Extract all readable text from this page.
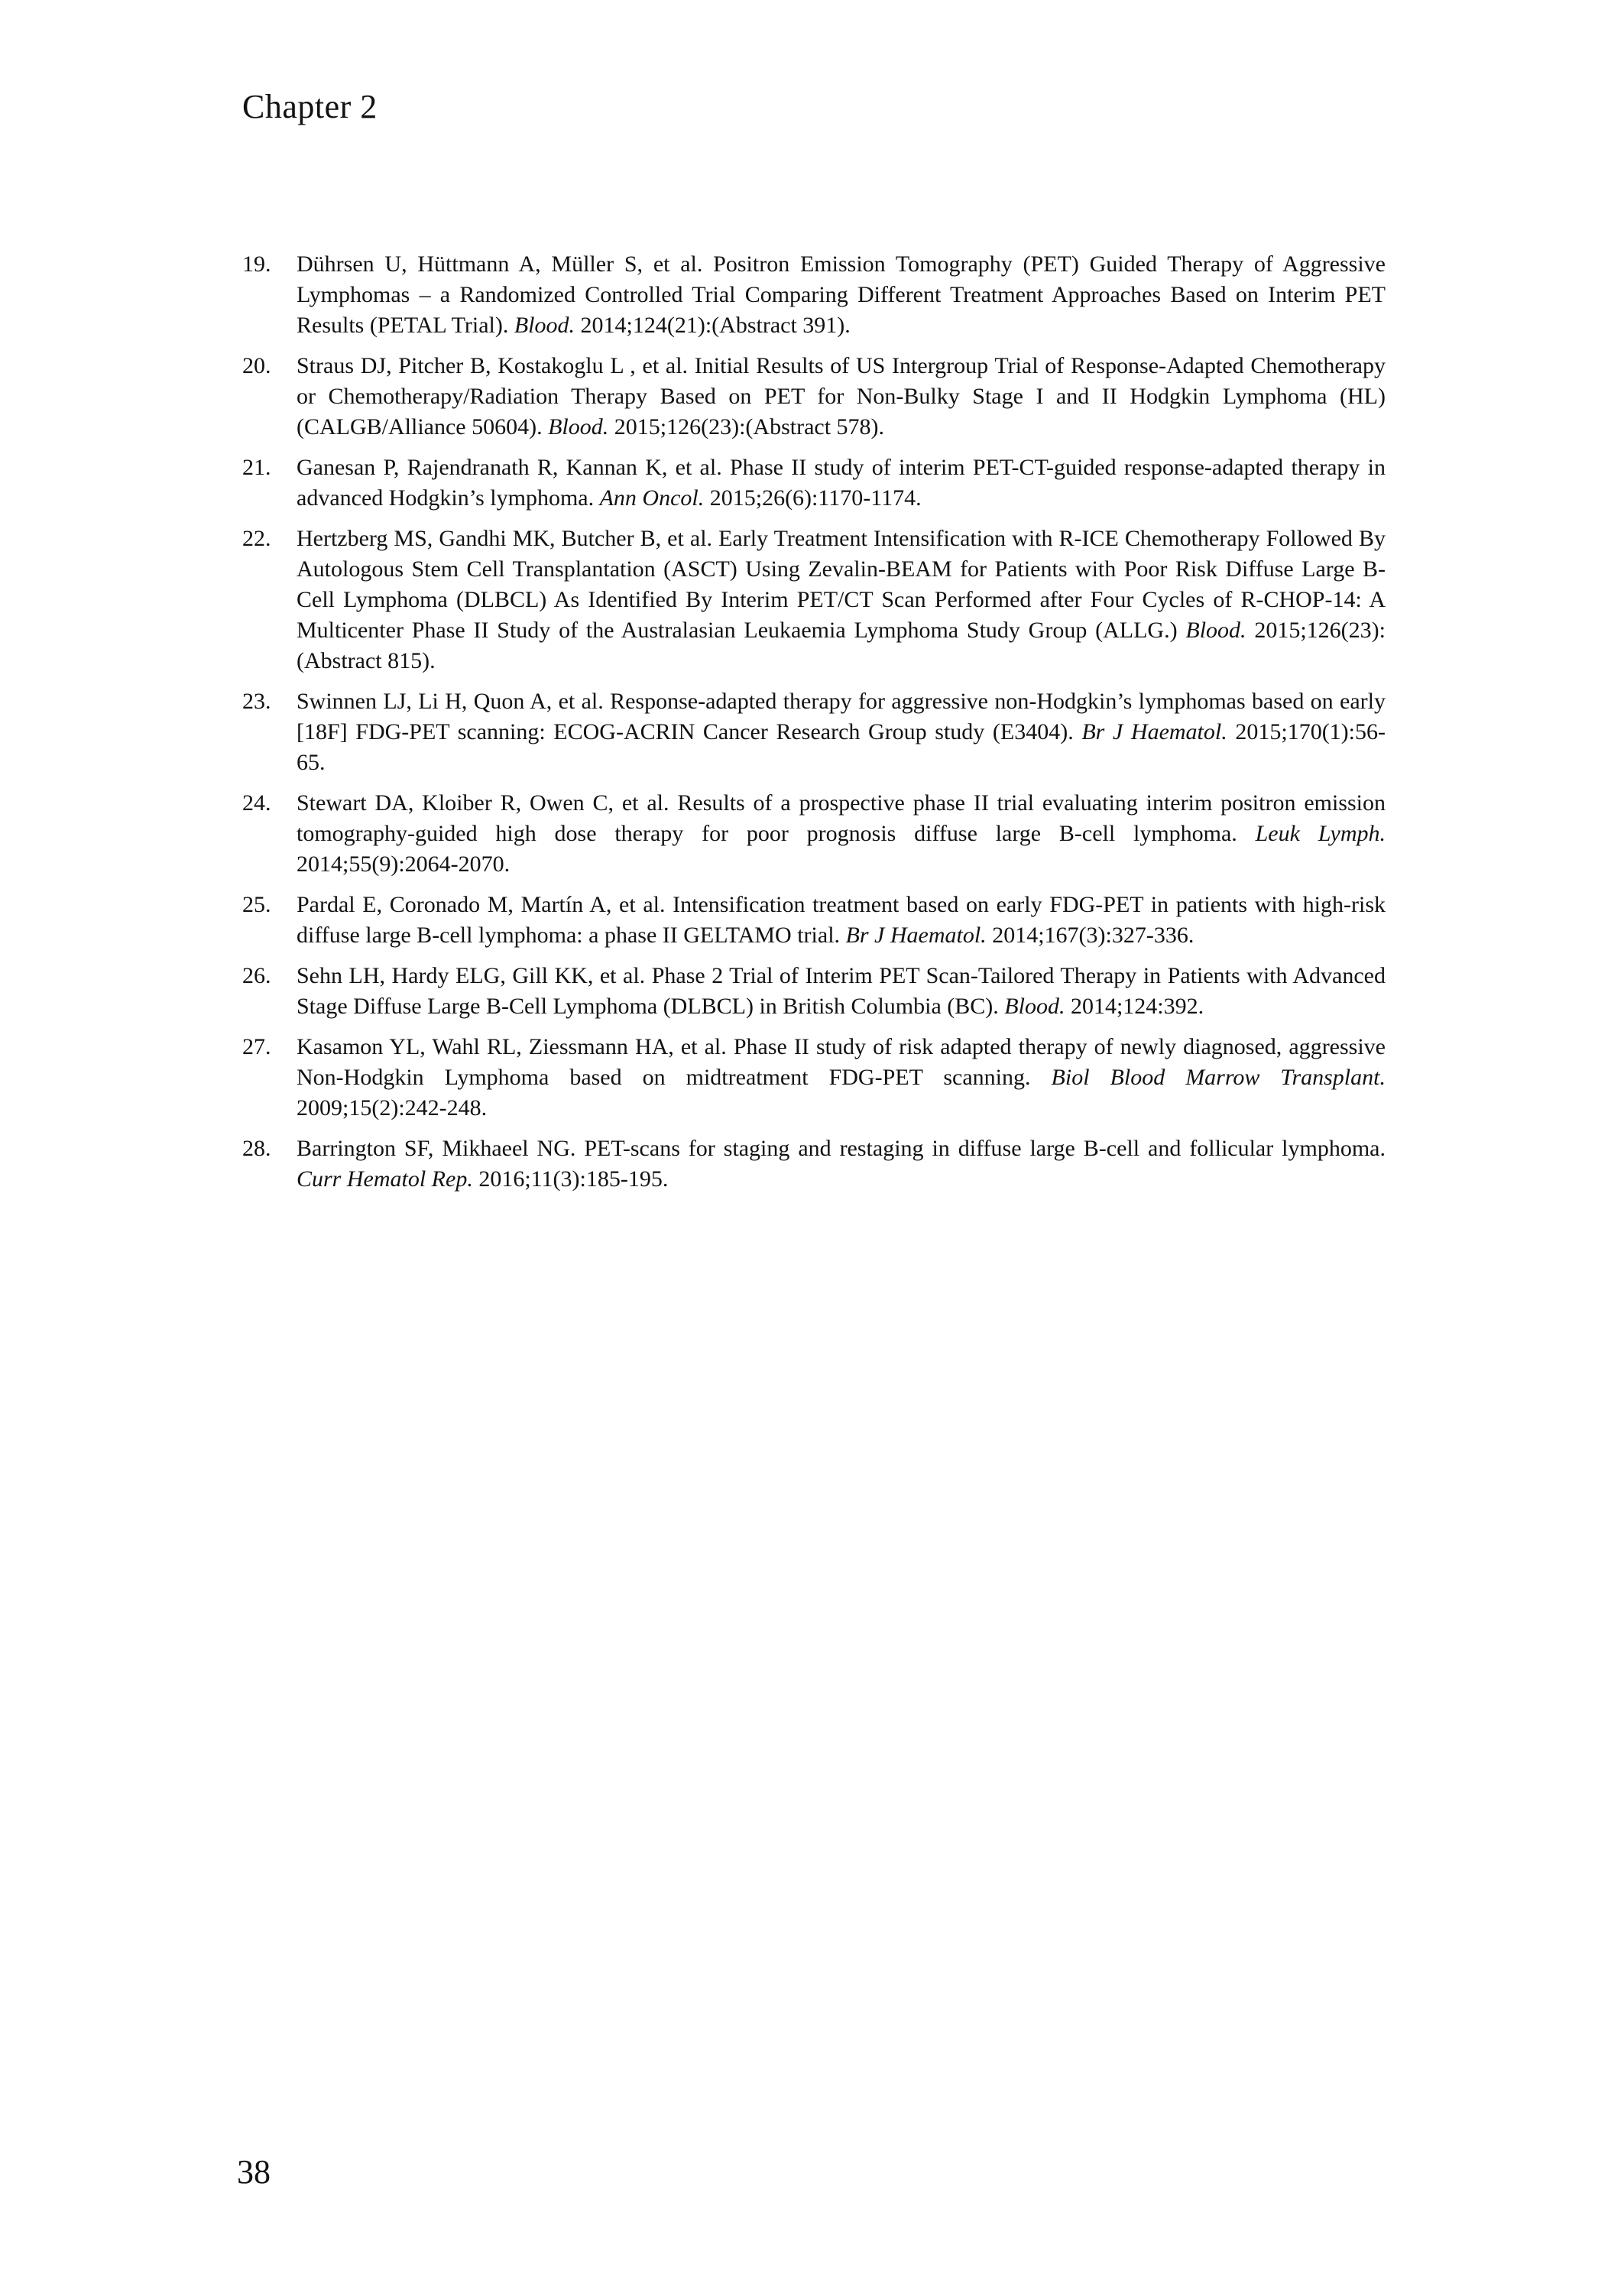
Chapter 2
19. Dührsen U, Hüttmann A, Müller S, et al. Positron Emission Tomography (PET) Guided Therapy of Aggressive Lymphomas – a Randomized Controlled Trial Comparing Different Treatment Approaches Based on Interim PET Results (PETAL Trial). Blood. 2014;124(21):(Abstract 391).
20. Straus DJ, Pitcher B, Kostakoglu L , et al. Initial Results of US Intergroup Trial of Response-Adapted Chemotherapy or Chemotherapy/Radiation Therapy Based on PET for Non-Bulky Stage I and II Hodgkin Lymphoma (HL) (CALGB/Alliance 50604). Blood. 2015;126(23):(Abstract 578).
21. Ganesan P, Rajendranath R, Kannan K, et al. Phase II study of interim PET-CT-guided response-adapted therapy in advanced Hodgkin’s lymphoma. Ann Oncol. 2015;26(6):1170-1174.
22. Hertzberg MS, Gandhi MK, Butcher B, et al. Early Treatment Intensification with R-ICE Chemotherapy Followed By Autologous Stem Cell Transplantation (ASCT) Using Zevalin-BEAM for Patients with Poor Risk Diffuse Large B-Cell Lymphoma (DLBCL) As Identified By Interim PET/CT Scan Performed after Four Cycles of R-CHOP-14: A Multicenter Phase II Study of the Australasian Leukaemia Lymphoma Study Group (ALLG.) Blood. 2015;126(23):(Abstract 815).
23. Swinnen LJ, Li H, Quon A, et al. Response-adapted therapy for aggressive non-Hodgkin’s lymphomas based on early [18F] FDG-PET scanning: ECOG-ACRIN Cancer Research Group study (E3404). Br J Haematol. 2015;170(1):56-65.
24. Stewart DA, Kloiber R, Owen C, et al. Results of a prospective phase II trial evaluating interim positron emission tomography-guided high dose therapy for poor prognosis diffuse large B-cell lymphoma. Leuk Lymph. 2014;55(9):2064-2070.
25. Pardal E, Coronado M, Martín A, et al. Intensification treatment based on early FDG-PET in patients with high-risk diffuse large B-cell lymphoma: a phase II GELTAMO trial. Br J Haematol. 2014;167(3):327-336.
26. Sehn LH, Hardy ELG, Gill KK, et al. Phase 2 Trial of Interim PET Scan-Tailored Therapy in Patients with Advanced Stage Diffuse Large B-Cell Lymphoma (DLBCL) in British Columbia (BC). Blood. 2014;124:392.
27. Kasamon YL, Wahl RL, Ziessmann HA, et al. Phase II study of risk adapted therapy of newly diagnosed, aggressive Non-Hodgkin Lymphoma based on midtreatment FDG-PET scanning. Biol Blood Marrow Transplant. 2009;15(2):242-248.
28. Barrington SF, Mikhaeel NG. PET-scans for staging and restaging in diffuse large B-cell and follicular lymphoma. Curr Hematol Rep. 2016;11(3):185-195.
38
